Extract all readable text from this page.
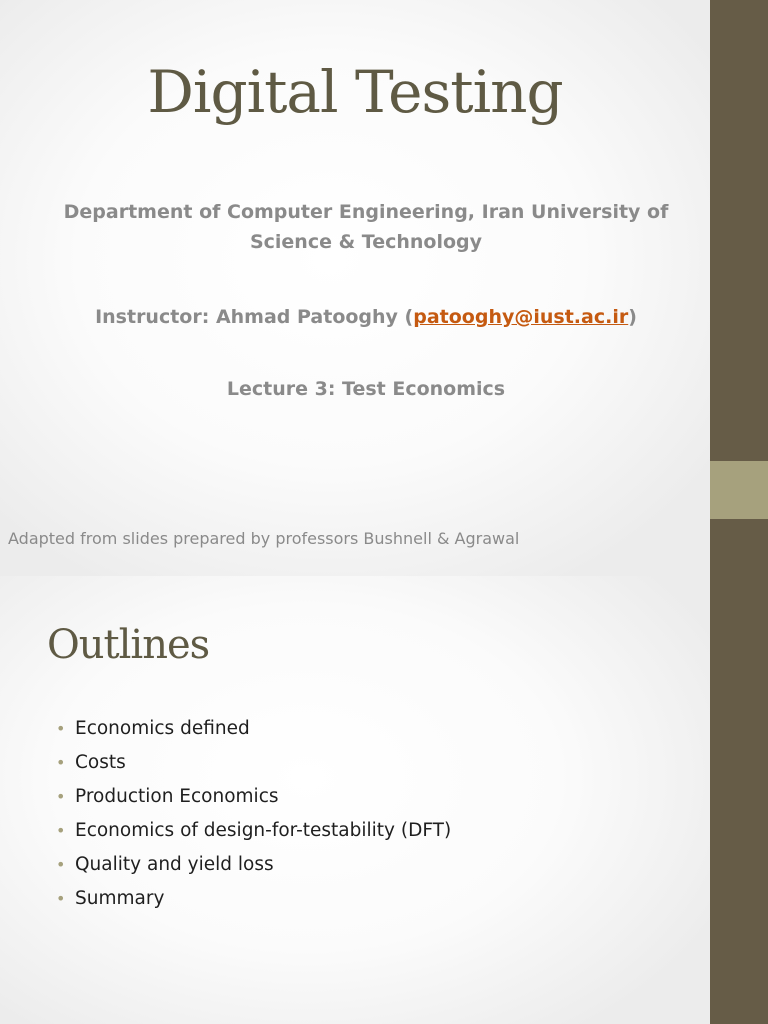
Digital Testing
Department of Computer Engineering, Iran University of
Science & Technology
Instructor: Ahmad Patooghy (patooghy@iust.ac.ir)
Lecture 3: Test Economics
Adapted from slides prepared by professors Bushnell & Agrawal
Outlines
• Economics defined
• Costs
• Production Economics
• Economics of design-for-testability (DFT)
• Quality and yield loss
• Summary
